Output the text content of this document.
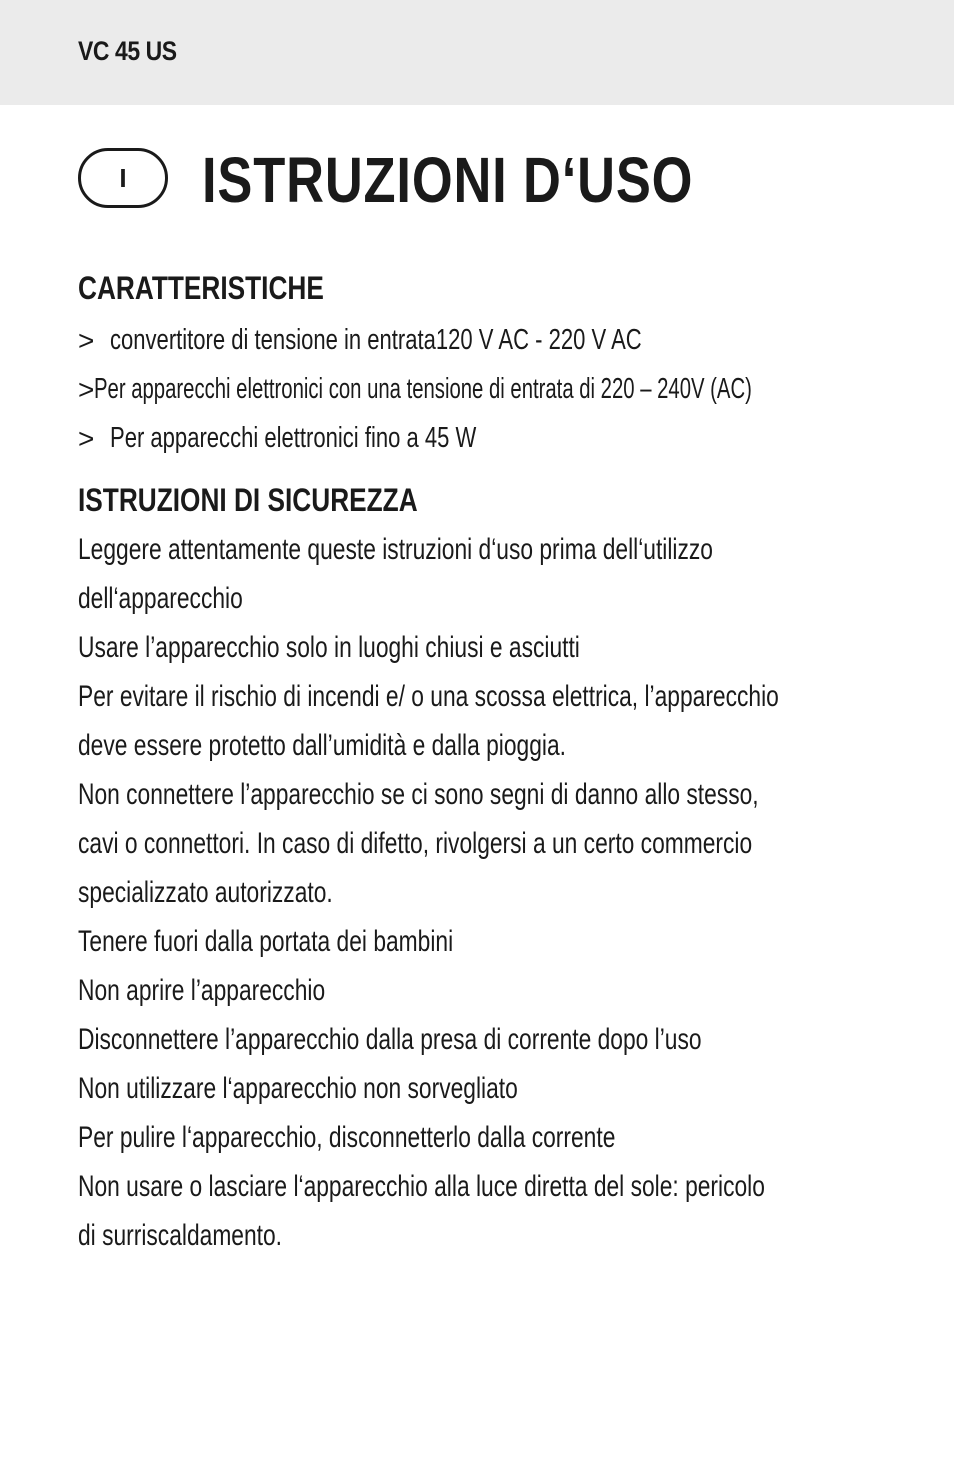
VC 45 US
I ISTRUZIONI D‘USO
CARATTERISTICHE
> convertitore di tensione in entrata120 V AC - 220 V AC
> Per apparecchi elettronici con una tensione di entrata di 220 – 240V (AC)
> Per apparecchi elettronici fino a 45 W
ISTRUZIONI DI SICUREZZA
Leggere attentamente queste istruzioni d‘uso prima dell‘utilizzo
dell‘apparecchio
Usare l’apparecchio solo in luoghi chiusi e asciutti
Per evitare il rischio di incendi e/ o una scossa elettrica, l’apparecchio
deve essere protetto dall’umidità e dalla pioggia.
Non connettere l’apparecchio se ci sono segni di danno allo stesso,
cavi o connettori. In caso di difetto, rivolgersi a un certo commercio
specializzato autorizzato.
Tenere fuori dalla portata dei bambini
Non aprire l’apparecchio
Disconnettere l’apparecchio dalla presa di corrente dopo l’uso
Non utilizzare l‘apparecchio non sorvegliato
Per pulire l‘apparecchio, disconnetterlo dalla corrente
Non usare o lasciare l‘apparecchio alla luce diretta del sole: pericolo
di surriscaldamento.
